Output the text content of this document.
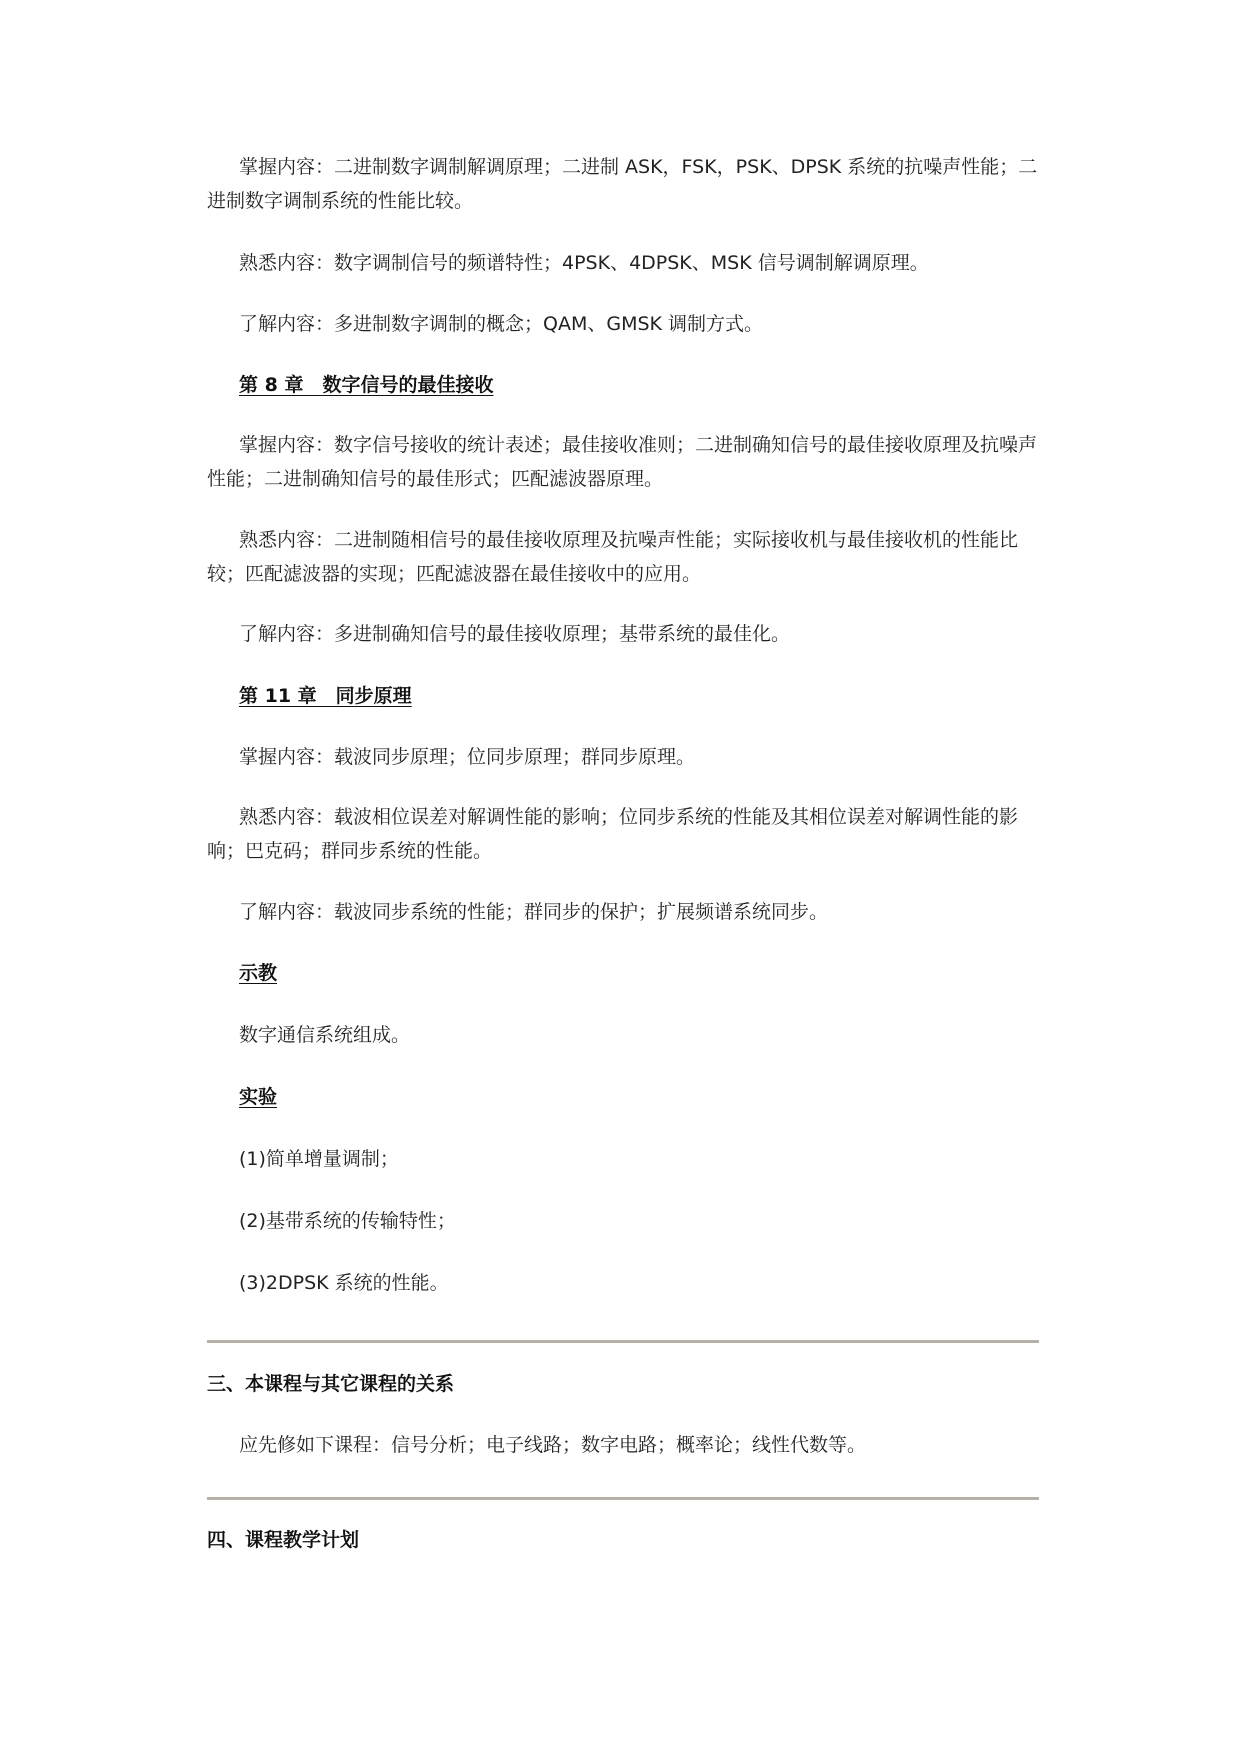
掌握内容：二进制数字调制解调原理；二进制 ASK，FSK，PSK、DPSK 系统的抗噪声性能；二进制数字调制系统的性能比较。

熟悉内容：数字调制信号的频谱特性；4PSK、4DPSK、MSK 信号调制解调原理。

了解内容：多进制数字调制的概念；QAM、GMSK 调制方式。

第 8 章　数字信号的最佳接收

掌握内容：数字信号接收的统计表述；最佳接收准则；二进制确知信号的最佳接收原理及抗噪声性能；二进制确知信号的最佳形式；匹配滤波器原理。

熟悉内容：二进制随相信号的最佳接收原理及抗噪声性能；实际接收机与最佳接收机的性能比较；匹配滤波器的实现；匹配滤波器在最佳接收中的应用。

了解内容：多进制确知信号的最佳接收原理；基带系统的最佳化。

第 11 章　同步原理

掌握内容：载波同步原理；位同步原理；群同步原理。

熟悉内容：载波相位误差对解调性能的影响；位同步系统的性能及其相位误差对解调性能的影响；巴克码；群同步系统的性能。

了解内容：载波同步系统的性能；群同步的保护；扩展频谱系统同步。

示教

数字通信系统组成。

实验

(1)简单增量调制；

(2)基带系统的传输特性；

(3)2DPSK 系统的性能。

三、本课程与其它课程的关系

应先修如下课程：信号分析；电子线路；数字电路；概率论；线性代数等。

四、课程教学计划
